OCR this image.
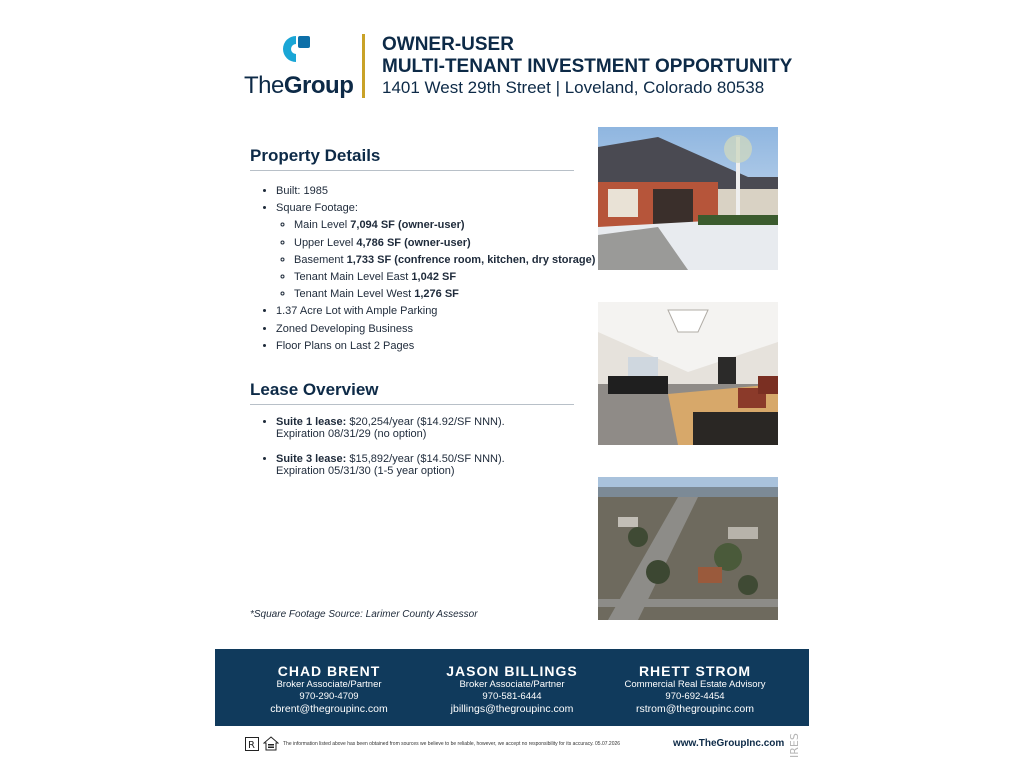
TheGroup
OWNER-USER
MULTI-TENANT INVESTMENT OPPORTUNITY
1401 West 29th Street | Loveland, Colorado 80538
Property Details
• Built: 1985
• Square Footage:
◦ Main Level 7,094 SF (owner-user)
◦ Upper Level 4,786 SF (owner-user)
◦ Basement 1,733 SF (confrence room, kitchen, dry storage)
◦ Tenant Main Level East 1,042 SF
◦ Tenant Main Level West 1,276 SF
• 1.37 Acre Lot with Ample Parking
• Zoned Developing Business
• Floor Plans on Last 2 Pages
Lease Overview
• Suite 1 lease: $20,254/year ($14.92/SF NNN).
Expiration 08/31/29 (no option)
• Suite 3 lease: $15,892/year ($14.50/SF NNN).
Expiration 05/31/30 (1-5 year option)
*Square Footage Source: Larimer County Assessor
CHAD BRENT
Broker Associate/Partner
970-290-4709
cbrent@thegroupinc.com
JASON BILLINGS
Broker Associate/Partner
970-581-6444
jbillings@thegroupinc.com
RHETT STROM
Commercial Real Estate Advisory
970-692-4454
rstrom@thegroupinc.com
R	The information listed above has been obtained from sources we believe to be reliable, however, we accept no responsibility for its accuracy. 05.07.2026	www.TheGroupInc.com IRES
